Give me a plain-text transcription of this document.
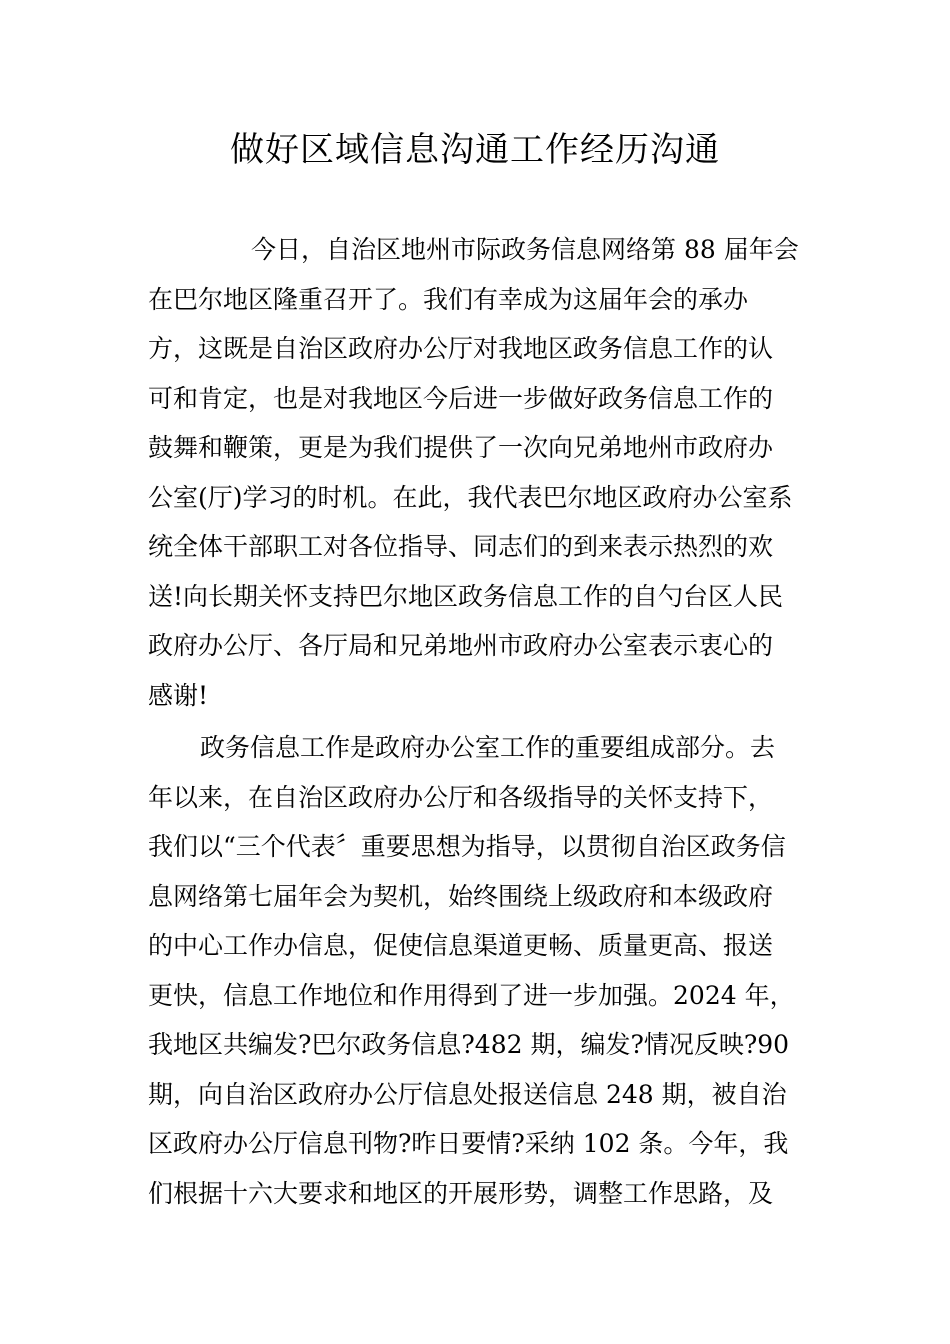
做好区域信息沟通工作经历沟通
今日，自治区地州市际政务信息网络第 88 届年会
在巴尔地区隆重召开了。我们有幸成为这届年会的承办
方，这既是自治区政府办公厅对我地区政务信息工作的认
可和肯定，也是对我地区今后进一步做好政务信息工作的
鼓舞和鞭策，更是为我们提供了一次向兄弟地州市政府办
公室(厅)学习的时机。在此，我代表巴尔地区政府办公室系
统全体干部职工对各位指导、同志们的到来表示热烈的欢
送!向长期关怀支持巴尔地区政务信息工作的自勺台区人民
政府办公厅、各厅局和兄弟地州市政府办公室表示衷心的
感谢!
政务信息工作是政府办公室工作的重要组成部分。去
年以来，在自治区政府办公厅和各级指导的关怀支持下，
我们以“三个代表〞重要思想为指导，以贯彻自治区政务信
息网络第七届年会为契机，始终围绕上级政府和本级政府
的中心工作办信息，促使信息渠道更畅、质量更高、报送
更快，信息工作地位和作用得到了进一步加强。2024 年，
我地区共编发?巴尔政务信息?482 期，编发?情况反映?90
期，向自治区政府办公厅信息处报送信息 248 期，被自治
区政府办公厅信息刊物?昨日要情?采纳 102 条。今年，我
们根据十六大要求和地区的开展形势，调整工作思路，及
